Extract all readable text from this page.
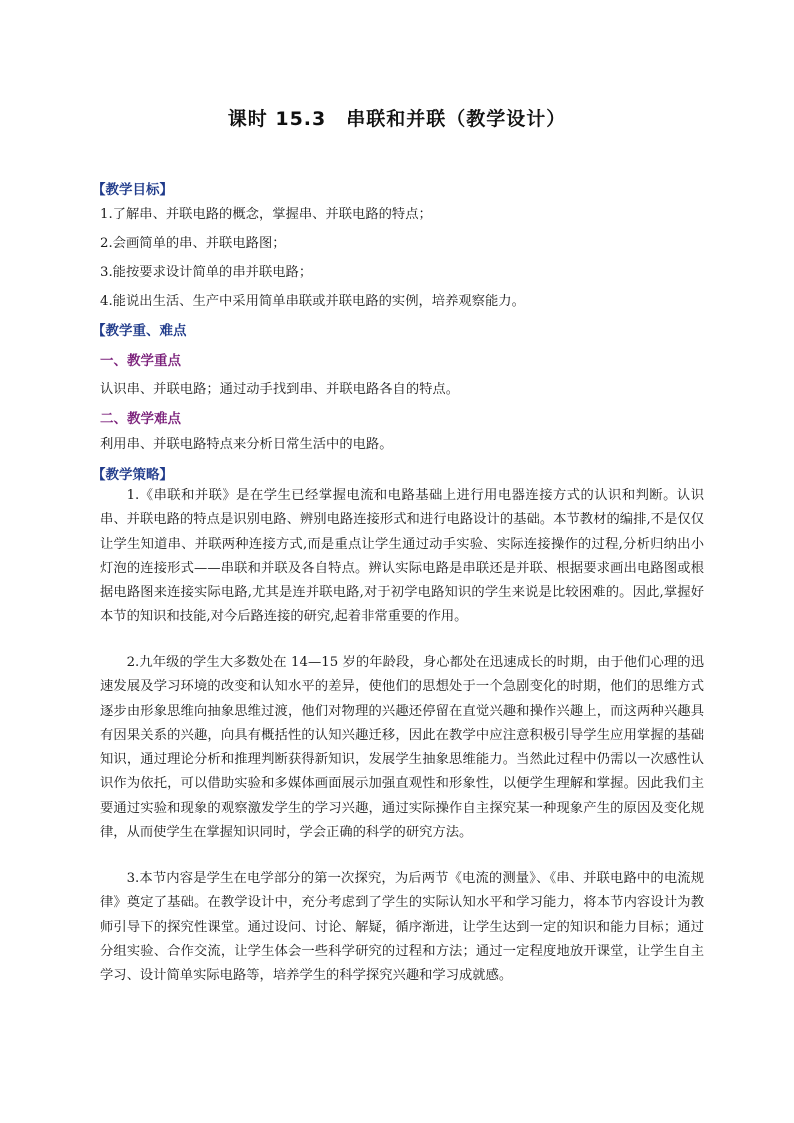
课时 15.3　串联和并联（教学设计）
【教学目标】
1.了解串、并联电路的概念，掌握串、并联电路的特点；
2.会画简单的串、并联电路图；
3.能按要求设计简单的串并联电路；
4.能说出生活、生产中采用简单串联或并联电路的实例，培养观察能力。
【教学重、难点
一、教学重点
认识串、并联电路；通过动手找到串、并联电路各自的特点。
二、教学难点
利用串、并联电路特点来分析日常生活中的电路。
【教学策略】

1.《串联和并联》是在学生已经掌握电流和电路基础上进行用电器连接方式的认识和判断。认识串、并联电路的特点是识别电路、辨别电路连接形式和进行电路设计的基础。本节教材的编排,不是仅仅让学生知道串、并联两种连接方式,而是重点让学生通过动手实验、实际连接操作的过程,分析归纳出小灯泡的连接形式——串联和并联及各自特点。辨认实际电路是串联还是并联、根据要求画出电路图或根据电路图来连接实际电路,尤其是连并联电路,对于初学电路知识的学生来说是比较困难的。因此,掌握好本节的知识和技能,对今后路连接的研究,起着非常重要的作用。

2.九年级的学生大多数处在 14—15 岁的年龄段，身心都处在迅速成长的时期，由于他们心理的迅速发展及学习环境的改变和认知水平的差异，使他们的思想处于一个急剧变化的时期，他们的思维方式逐步由形象思维向抽象思维过渡，他们对物理的兴趣还停留在直觉兴趣和操作兴趣上，而这两种兴趣具有因果关系的兴趣，向具有概括性的认知兴趣迁移，因此在教学中应注意积极引导学生应用掌握的基础知识，通过理论分析和推理判断获得新知识，发展学生抽象思维能力。当然此过程中仍需以一次感性认识作为依托，可以借助实验和多媒体画面展示加强直观性和形象性，以便学生理解和掌握。因此我们主要通过实验和现象的观察激发学生的学习兴趣，通过实际操作自主探究某一种现象产生的原因及变化规律，从而使学生在掌握知识同时，学会正确的科学的研究方法。

3.本节内容是学生在电学部分的第一次探究，为后两节《电流的测量》、《串、并联电路中的电流规律》奠定了基础。在教学设计中，充分考虑到了学生的实际认知水平和学习能力，将本节内容设计为教师引导下的探究性课堂。通过设问、讨论、解疑，循序渐进，让学生达到一定的知识和能力目标；通过分组实验、合作交流，让学生体会一些科学研究的过程和方法；通过一定程度地放开课堂，让学生自主学习、设计简单实际电路等，培养学生的科学探究兴趣和学习成就感。
